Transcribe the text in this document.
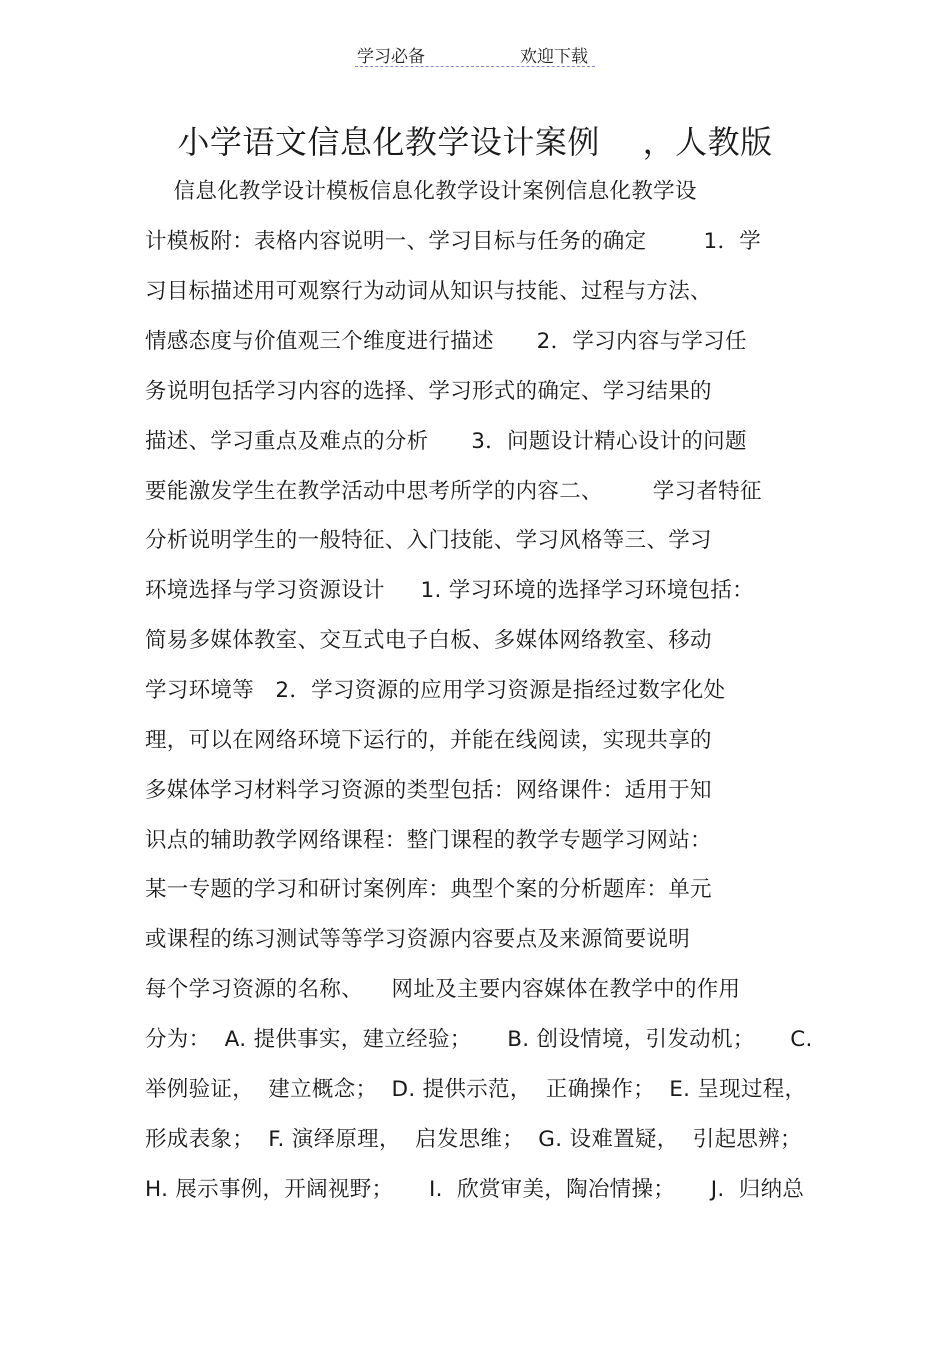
学习必备	欢迎下载
小学语文信息化教学设计案例    ，人教版
信息化教学设计模板信息化教学设计案例信息化教学设
计模板附：表格内容说明一、学习目标与任务的确定        1．学
习目标描述用可观察行为动词从知识与技能、过程与方法、
情感态度与价值观三个维度进行描述      2．学习内容与学习任
务说明包括学习内容的选择、学习形式的确定、学习结果的
描述、学习重点及难点的分析      3．问题设计精心设计的问题
要能激发学生在教学活动中思考所学的内容二、       学习者特征
分析说明学生的一般特征、入门技能、学习风格等三、学习
环境选择与学习资源设计     1. 学习环境的选择学习环境包括：
简易多媒体教室、交互式电子白板、多媒体网络教室、移动
学习环境等   2．学习资源的应用学习资源是指经过数字化处
理，可以在网络环境下运行的，并能在线阅读，实现共享的
多媒体学习材料学习资源的类型包括：网络课件：适用于知
识点的辅助教学网络课程：整门课程的教学专题学习网站：
某一专题的学习和研讨案例库：典型个案的分析题库：单元
或课程的练习测试等等学习资源内容要点及来源简要说明
每个学习资源的名称、    网址及主要内容媒体在教学中的作用
分为：  A. 提供事实，建立经验；     B. 创设情境，引发动机；     C.
举例验证，  建立概念；  D. 提供示范，  正确操作；  E. 呈现过程，
形成表象；  F. 演绎原理，  启发思维；  G. 设难置疑，  引起思辨；
H. 展示事例，开阔视野；     I.  欣赏审美，陶冶情操；     J.  归纳总
